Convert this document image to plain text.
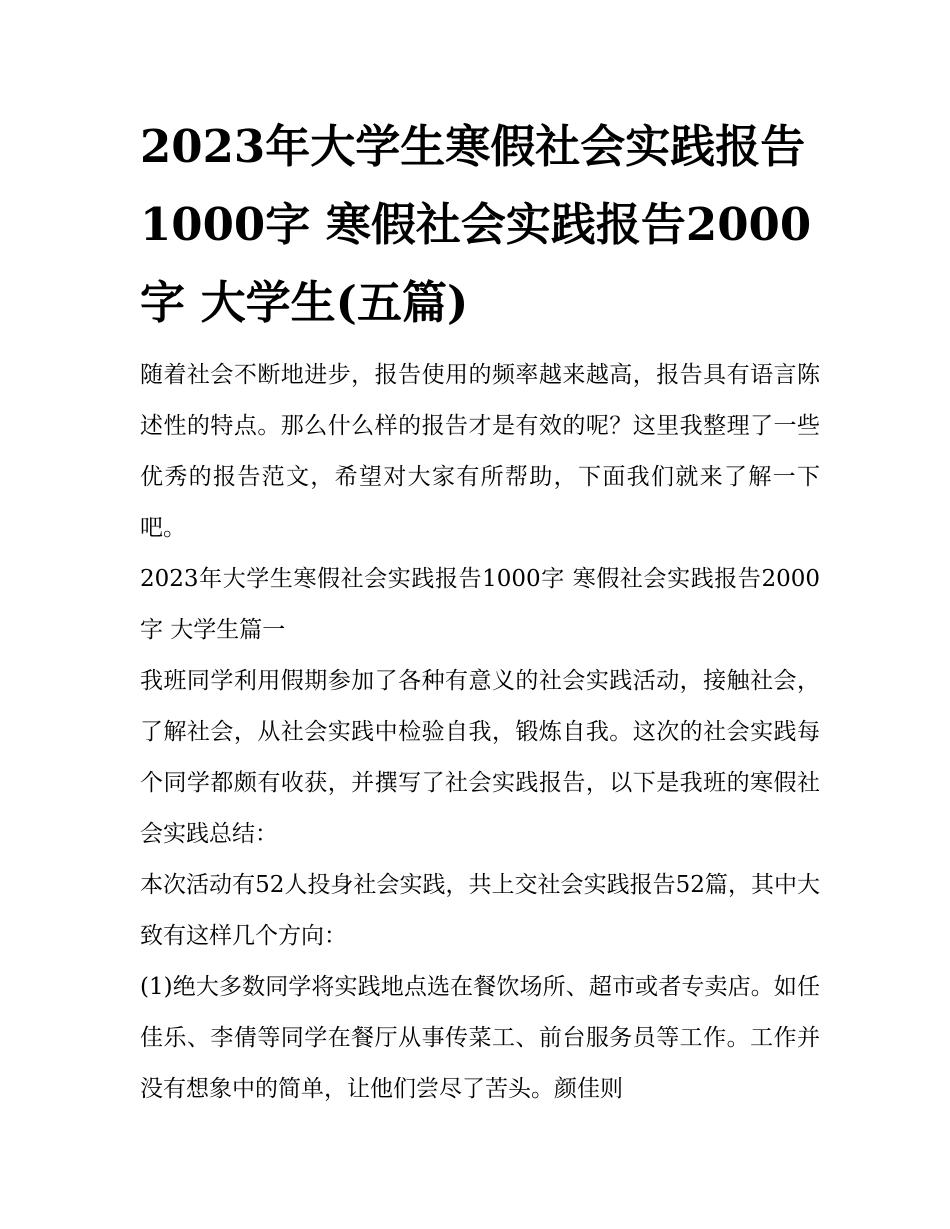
2023年大学生寒假社会实践报告1000字 寒假社会实践报告2000字 大学生(五篇)

随着社会不断地进步，报告使用的频率越来越高，报告具有语言陈述性的特点。那么什么样的报告才是有效的呢？这里我整理了一些优秀的报告范文，希望对大家有所帮助，下面我们就来了解一下吧。

2023年大学生寒假社会实践报告1000字 寒假社会实践报告2000字 大学生篇一

我班同学利用假期参加了各种有意义的社会实践活动，接触社会，了解社会，从社会实践中检验自我，锻炼自我。这次的社会实践每个同学都颇有收获，并撰写了社会实践报告，以下是我班的寒假社会实践总结：

本次活动有52人投身社会实践，共上交社会实践报告52篇，其中大致有这样几个方向：

(1)绝大多数同学将实践地点选在餐饮场所、超市或者专卖店。如任佳乐、李倩等同学在餐厅从事传菜工、前台服务员等工作。工作并没有想象中的简单，让他们尝尽了苦头。颜佳则
